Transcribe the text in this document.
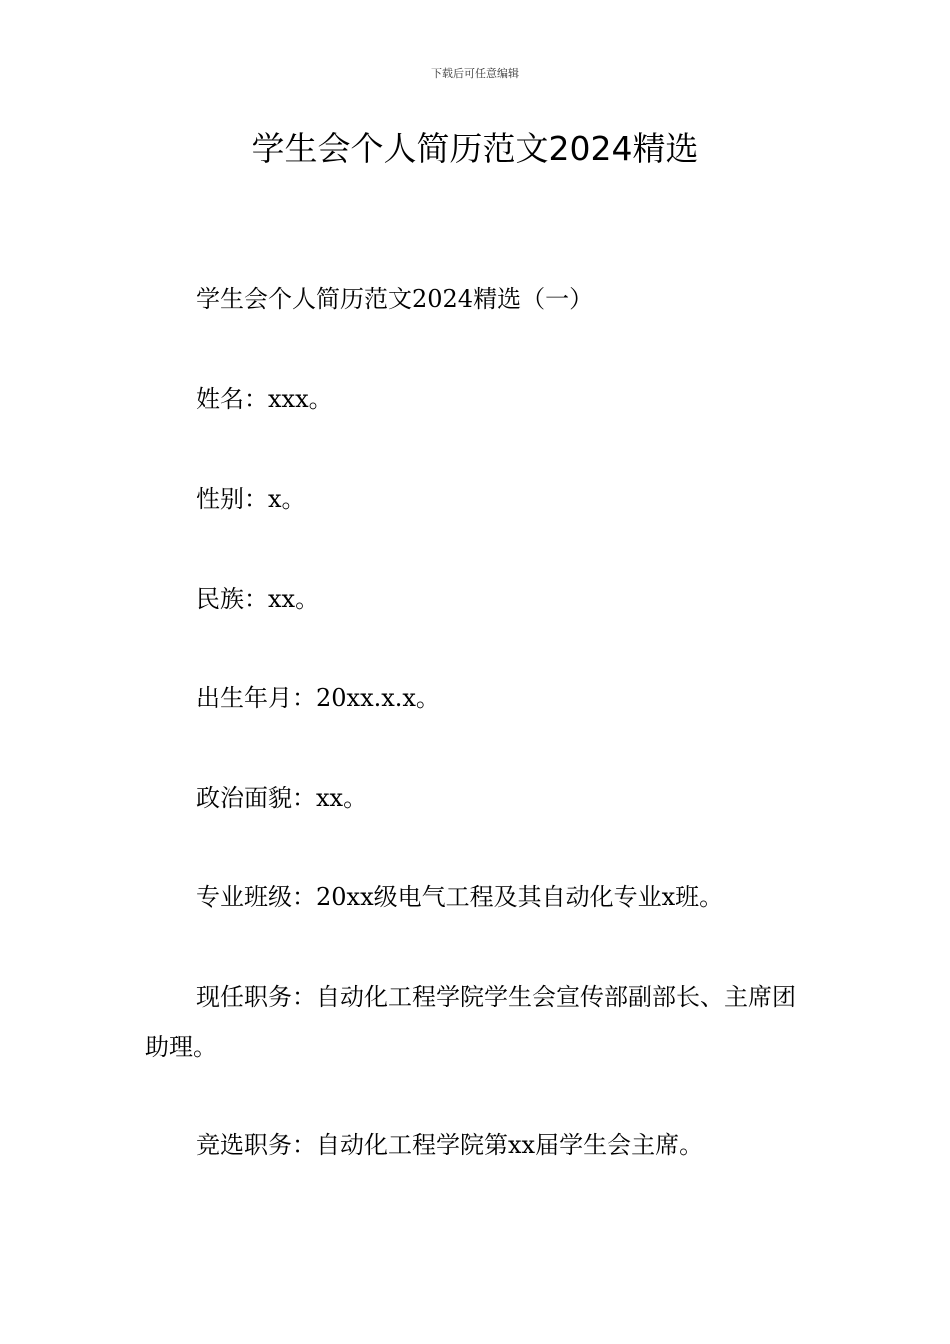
下载后可任意编辑
学生会个人简历范文2024精选

学生会个人简历范文2024精选（一）

姓名：xxx。

性别：x。

民族：xx。

出生年月：20xx.x.x。

政治面貌：xx。

专业班级：20xx级电气工程及其自动化专业x班。

现任职务：自动化工程学院学生会宣传部副部长、主席团助理。

竞选职务：自动化工程学院第xx届学生会主席。
